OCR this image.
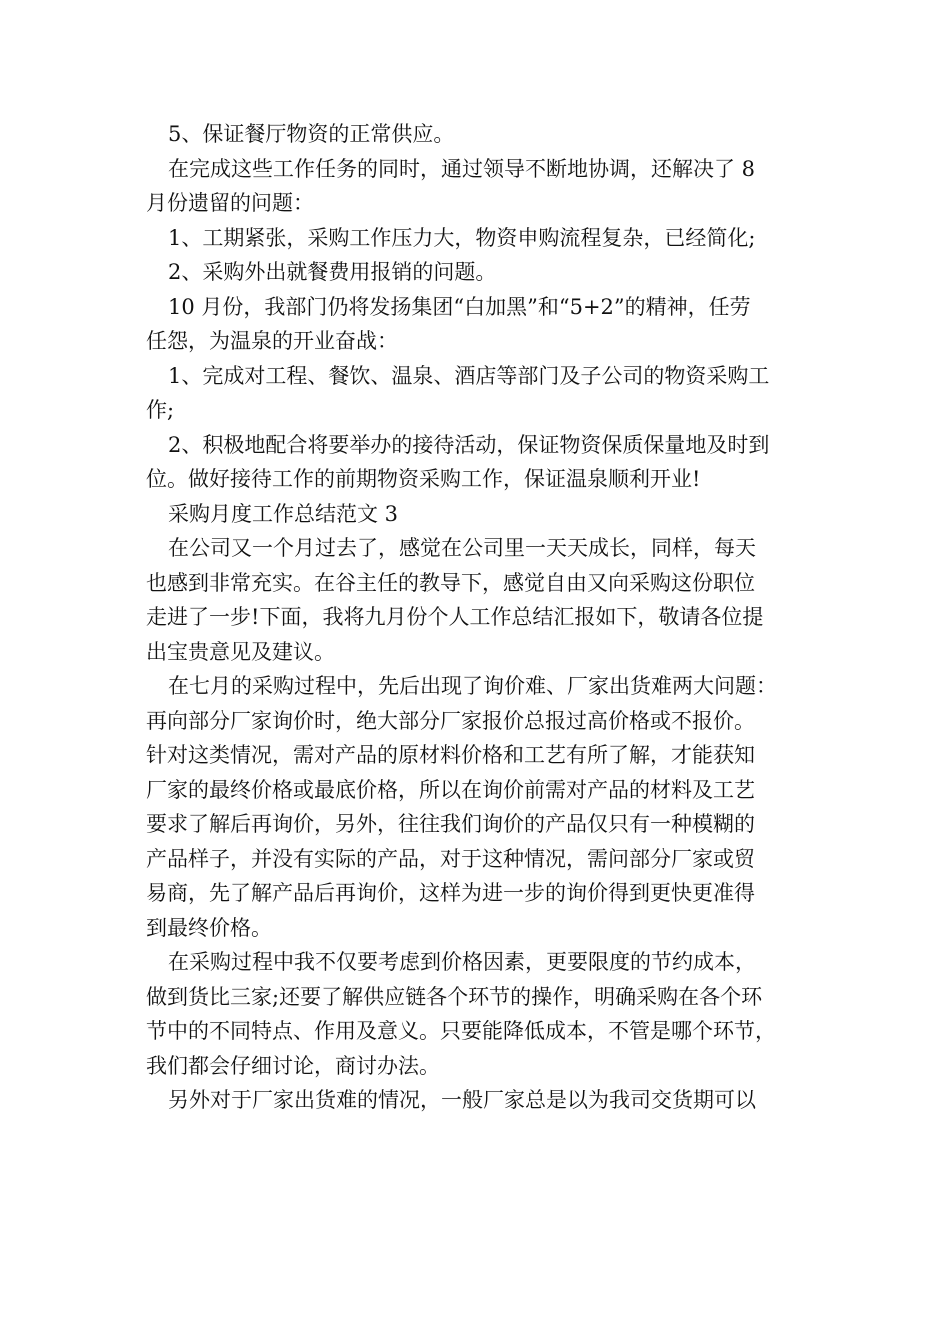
5、保证餐厅物资的正常供应。
在完成这些工作任务的同时，通过领导不断地协调，还解决了 8
月份遗留的问题：
1、工期紧张，采购工作压力大，物资申购流程复杂，已经简化;
2、采购外出就餐费用报销的问题。
10 月份，我部门仍将发扬集团“白加黑”和“5+2”的精神，任劳
任怨，为温泉的开业奋战：
1、完成对工程、餐饮、温泉、酒店等部门及子公司的物资采购工
作;
2、积极地配合将要举办的接待活动，保证物资保质保量地及时到
位。做好接待工作的前期物资采购工作，保证温泉顺利开业!
采购月度工作总结范文 3
在公司又一个月过去了，感觉在公司里一天天成长，同样，每天
也感到非常充实。在谷主任的教导下，感觉自由又向采购这份职位
走进了一步!下面，我将九月份个人工作总结汇报如下，敬请各位提
出宝贵意见及建议。
在七月的采购过程中，先后出现了询价难、厂家出货难两大问题：
再向部分厂家询价时，绝大部分厂家报价总报过高价格或不报价。
针对这类情况，需对产品的原材料价格和工艺有所了解，才能获知
厂家的最终价格或最底价格，所以在询价前需对产品的材料及工艺
要求了解后再询价，另外，往往我们询价的产品仅只有一种模糊的
产品样子，并没有实际的产品，对于这种情况，需问部分厂家或贸
易商，先了解产品后再询价，这样为进一步的询价得到更快更准得
到最终价格。
在采购过程中我不仅要考虑到价格因素，更要限度的节约成本，
做到货比三家;还要了解供应链各个环节的操作，明确采购在各个环
节中的不同特点、作用及意义。只要能降低成本，不管是哪个环节，
我们都会仔细讨论，商讨办法。
另外对于厂家出货难的情况，一般厂家总是以为我司交货期可以
